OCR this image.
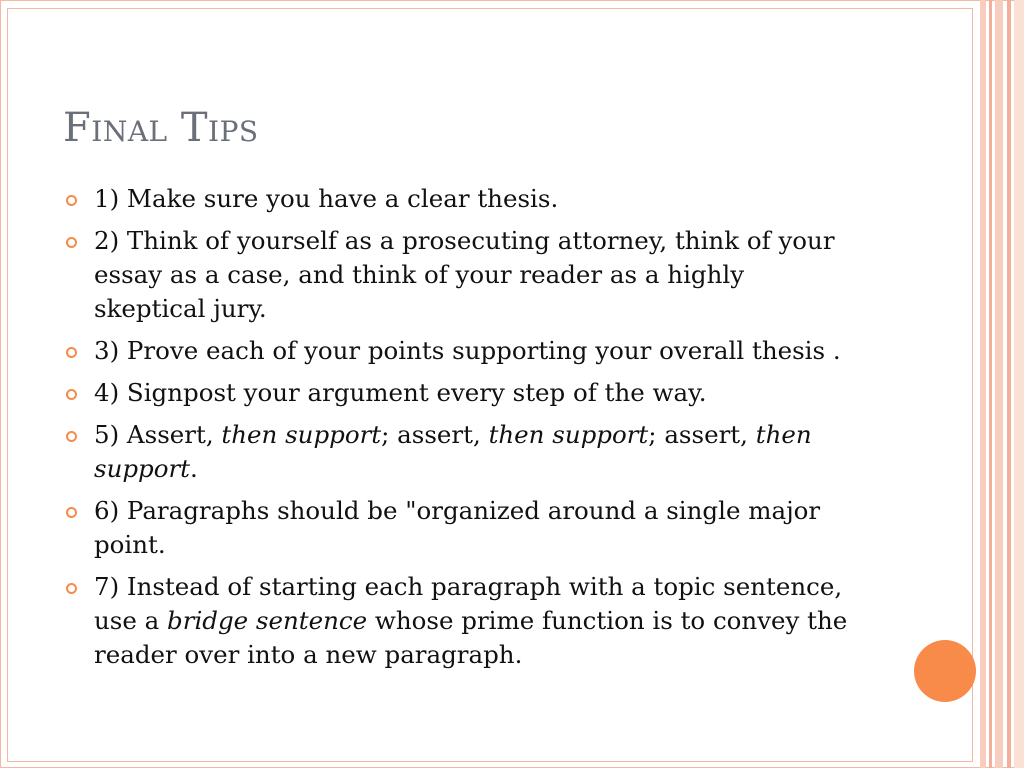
Final Tips
1) Make sure you have a clear thesis.
2) Think of yourself as a prosecuting attorney, think of your essay as a case, and think of your reader as a highly skeptical jury.
3) Prove each of your points supporting your overall thesis .
4) Signpost your argument every step of the way.
5) Assert, then support; assert, then support; assert, then support.
6) Paragraphs should be "organized around a single major point.
7) Instead of starting each paragraph with a topic sentence, use a bridge sentence whose prime function is to convey the reader over into a new paragraph.
